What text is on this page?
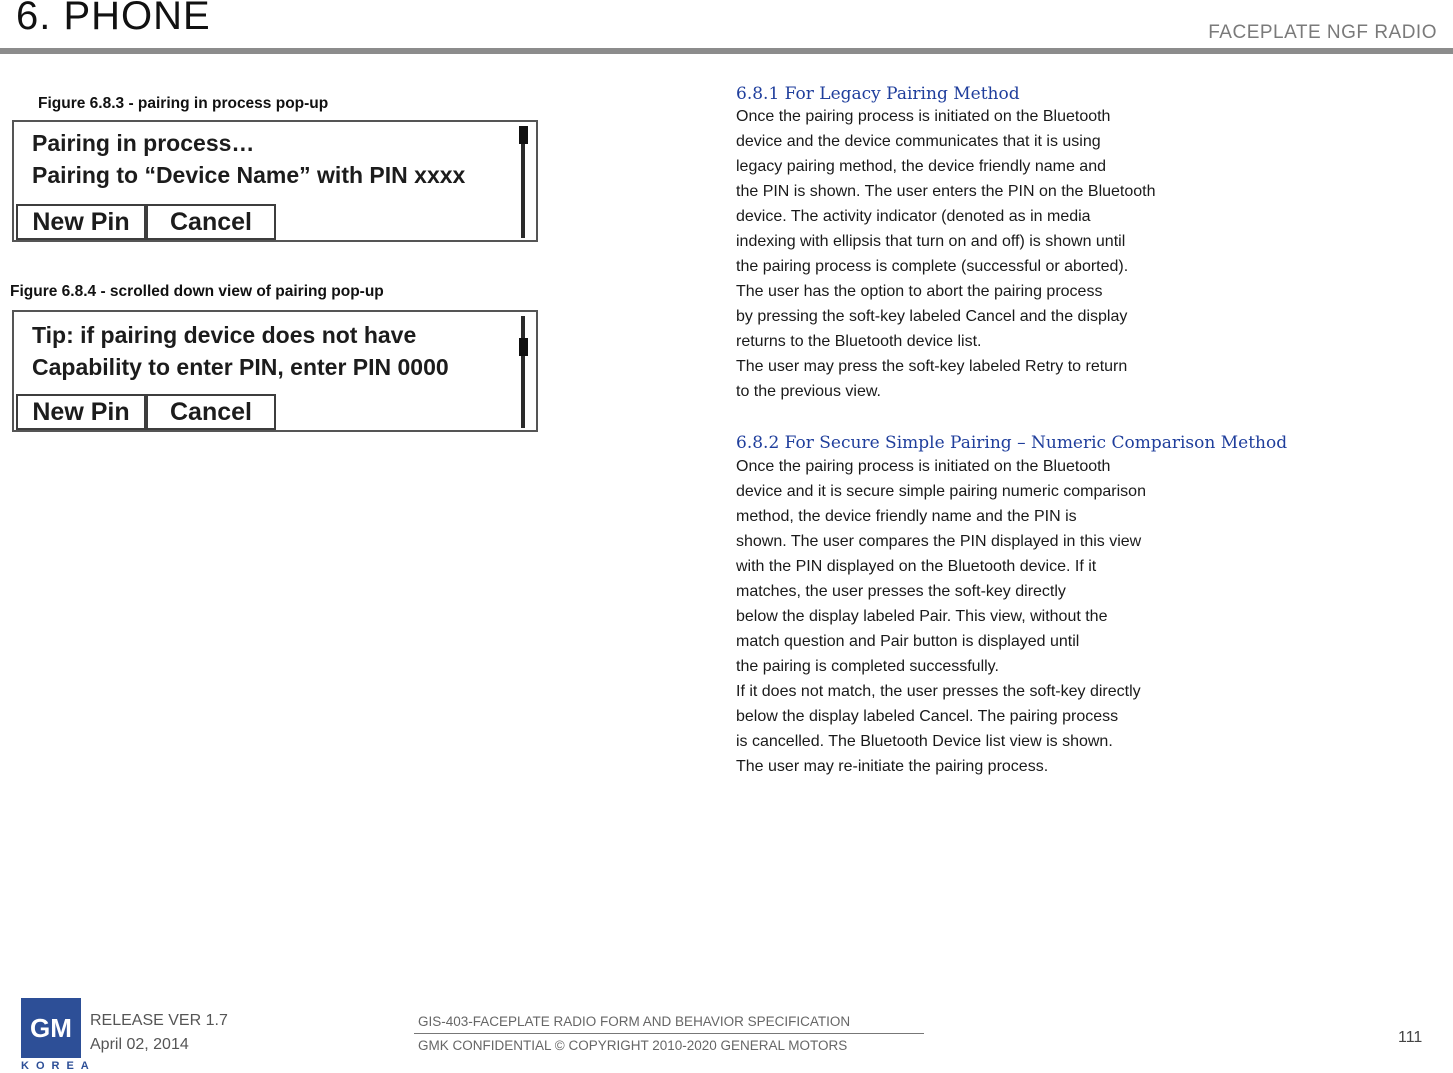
6. PHONE	FACEPLATE NGF RADIO
Figure 6.8.3 - pairing in process pop-up
Pairing in process…
Pairing to “Device Name” with PIN xxxx
New Pin	Cancel
Figure 6.8.4 - scrolled down view of pairing pop-up
Tip: if pairing device does not have
Capability to enter PIN, enter PIN 0000
New Pin	Cancel
6.8.1 For Legacy Pairing Method
Once the pairing process is initiated on the Bluetooth
device and the device communicates that it is using
legacy pairing method, the device friendly name and
the PIN is shown. The user enters the PIN on the Bluetooth
device. The activity indicator (denoted as in media
indexing with ellipsis that turn on and off) is shown until
the pairing process is complete (successful or aborted).
The user has the option to abort the pairing process
by pressing the soft-key labeled Cancel and the display
returns to the Bluetooth device list.
The user may press the soft-key labeled Retry to return
to the previous view.
6.8.2 For Secure Simple Pairing – Numeric Comparison Method
Once the pairing process is initiated on the Bluetooth
device and it is secure simple pairing numeric comparison
method, the device friendly name and the PIN is
shown. The user compares the PIN displayed in this view
with the PIN displayed on the Bluetooth device. If it
matches, the user presses the soft-key directly
below the display labeled Pair. This view, without the
match question and Pair button is displayed until
the pairing is completed successfully.
If it does not match, the user presses the soft-key directly
below the display labeled Cancel. The pairing process
is cancelled. The Bluetooth Device list view is shown.
The user may re-initiate the pairing process.
GM
KOREA
RELEASE VER 1.7
April 02, 2014
GIS-403-FACEPLATE RADIO FORM AND BEHAVIOR SPECIFICATION
GMK CONFIDENTIAL © COPYRIGHT 2010-2020 GENERAL MOTORS	111
